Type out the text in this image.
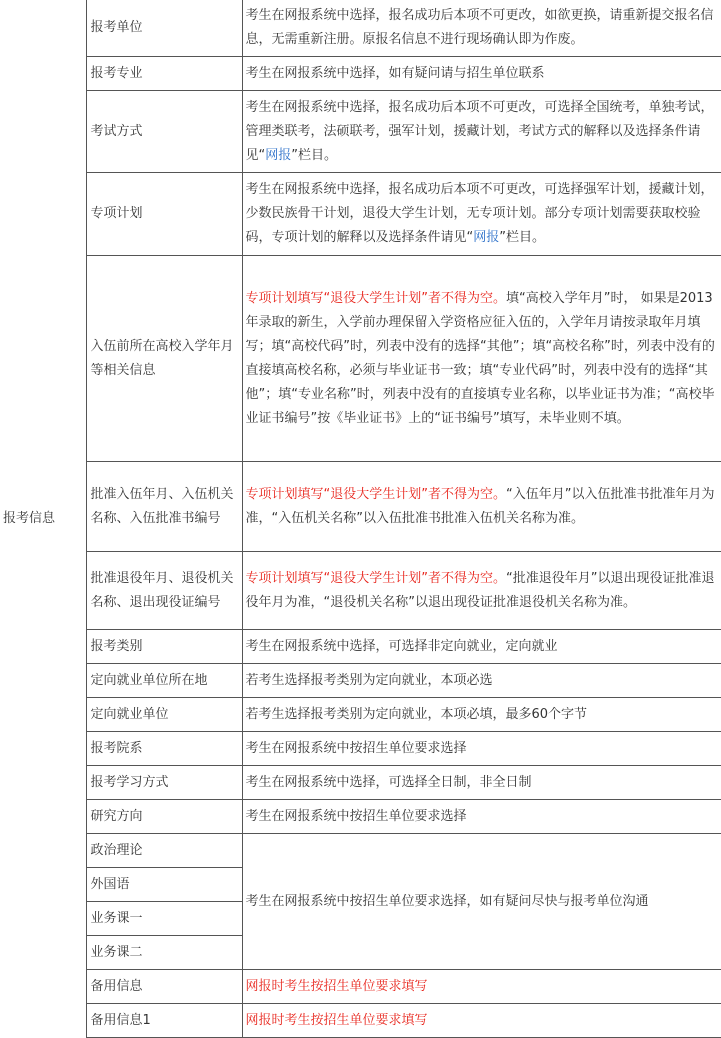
报考信息	报考单位	考生在网报系统中选择，报名成功后本项不可更改，如欲更换，请重新提交报名信息，无需重新注册。原报名信息不进行现场确认即为作废。
	报考专业	考生在网报系统中选择，如有疑问请与招生单位联系
	考试方式	考生在网报系统中选择，报名成功后本项不可更改，可选择全国统考，单独考试，管理类联考，法硕联考，强军计划，援藏计划，考试方式的解释以及选择条件请见“网报”栏目。
	专项计划	考生在网报系统中选择，报名成功后本项不可更改，可选择强军计划，援藏计划，少数民族骨干计划，退役大学生计划，无专项计划。部分专项计划需要获取校验码，专项计划的解释以及选择条件请见“网报”栏目。
	入伍前所在高校入学年月等相关信息	专项计划填写“退役大学生计划”者不得为空。填“高校入学年月”时， 如果是2013年录取的新生，入学前办理保留入学资格应征入伍的，入学年月请按录取年月填写；填“高校代码”时，列表中没有的选择“其他”；填“高校名称”时，列表中没有的直接填高校名称，必须与毕业证书一致；填“专业代码”时，列表中没有的选择“其他”；填“专业名称”时，列表中没有的直接填专业名称，以毕业证书为准；“高校毕业证书编号”按《毕业证书》上的“证书编号”填写，未毕业则不填。
	批准入伍年月、入伍机关名称、入伍批准书编号	专项计划填写“退役大学生计划”者不得为空。“入伍年月”以入伍批准书批准年月为准，“入伍机关名称”以入伍批准书批准入伍机关名称为准。
	批准退役年月、退役机关名称、退出现役证编号	专项计划填写“退役大学生计划”者不得为空。“批准退役年月”以退出现役证批准退役年月为准，“退役机关名称”以退出现役证批准退役机关名称为准。
	报考类别	考生在网报系统中选择，可选择非定向就业，定向就业
	定向就业单位所在地	若考生选择报考类别为定向就业，本项必选
	定向就业单位	若考生选择报考类别为定向就业，本项必填，最多60个字节
	报考院系	考生在网报系统中按招生单位要求选择
	报考学习方式	考生在网报系统中选择，可选择全日制，非全日制
	研究方向	考生在网报系统中按招生单位要求选择
	政治理论	考生在网报系统中按招生单位要求选择，如有疑问尽快与报考单位沟通
	外国语	
	业务课一	
	业务课二	
	备用信息	网报时考生按招生单位要求填写
	备用信息1	网报时考生按招生单位要求填写
